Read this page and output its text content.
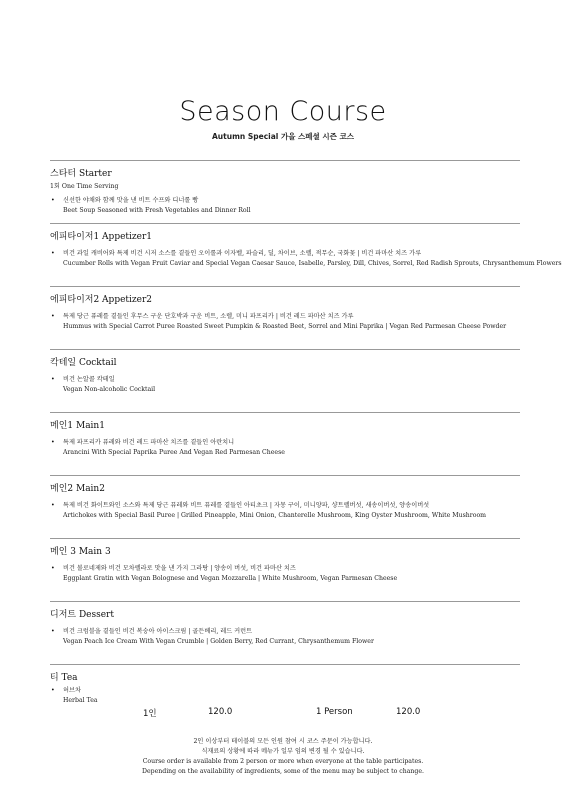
Season Course
Autumn Special 가을 스페셜 시즌 코스
스타터 Starter
1회 One Time Serving
•	신선한 야채와 함께 맛을 낸 비트 수프와 디너롤 빵
Beet Soup Seasoned with Fresh Vegetables and Dinner Roll
에피타이저1 Appetizer1
•	비건 과일 캐비어와 특제 비건 시저 소스를 곁들인 오이롤과 이자벨, 파슬리, 딜, 차이브, 소렐, 적무순, 국화꽃 | 비건 파마산 치즈 가루
Cucumber Rolls with Vegan Fruit Caviar and Special Vegan Caesar Sauce, Isabelle, Parsley, Dill, Chives, Sorrel, Red Radish Sprouts, Chrysanthemum Flowers
에피타이저2 Appetizer2
•	특제 당근 퓨레를 곁들인 후무스 구운 단호박과 구운 비트, 소렐, 미니 파프리카 | 비건 레드 파마산 치즈 가루
Hummus with Special Carrot Puree Roasted Sweet Pumpkin & Roasted Beet, Sorrel and Mini Paprika | Vegan Red Parmesan Cheese Powder
칵테일 Cocktail
•	비건 논알콜 칵테일
Vegan Non-alcoholic Cocktail
메인1 Main1
•	특제 파프리카 퓨레와 비건 레드 파마산 치즈를 곁들인 아란치니
Arancini With Special Paprika Puree And Vegan Red Parmesan Cheese
메인2 Main2
•	특제 비건 화이트와인 소스와 특제 당근 퓨레와 비트 퓨레를 곁들인 아티초크 | 자몽 구이, 미니양파, 샹트렐버섯, 새송이버섯, 양송이버섯
Artichokes with Special Basil Puree | Grilled Pineapple, Mini Onion, Chanterelle Mushroom, King Oyster Mushroom, White Mushroom
메인 3 Main 3
•	비건 볼로네제와 비건 모차렐라로 맛을 낸 가지 그라탕 | 양송이 버섯, 비건 파마산 치즈
Eggplant Gratin with Vegan Bolognese and Vegan Mozzarella | White Mushroom, Vegan Parmesan Cheese
디저트 Dessert
•	비건 크럼블을 곁들인 비건 복숭아 아이스크림 | 골든베리, 레드 커런트
Vegan Peach Ice Cream With Vegan Crumble | Golden Berry, Red Currant, Chrysanthemum Flower
티 Tea
•	허브차
Herbal Tea
1인	120.0	1 Person	120.0
2인 이상부터 테이블의 모든 인원 참여 시 코스 주문이 가능합니다.
식재료의 상황에 따라 메뉴가 일부 임의 변경 될 수 있습니다.
Course order is available from 2 person or more when everyone at the table participates.
Depending on the availability of ingredients, some of the menu may be subject to change.
